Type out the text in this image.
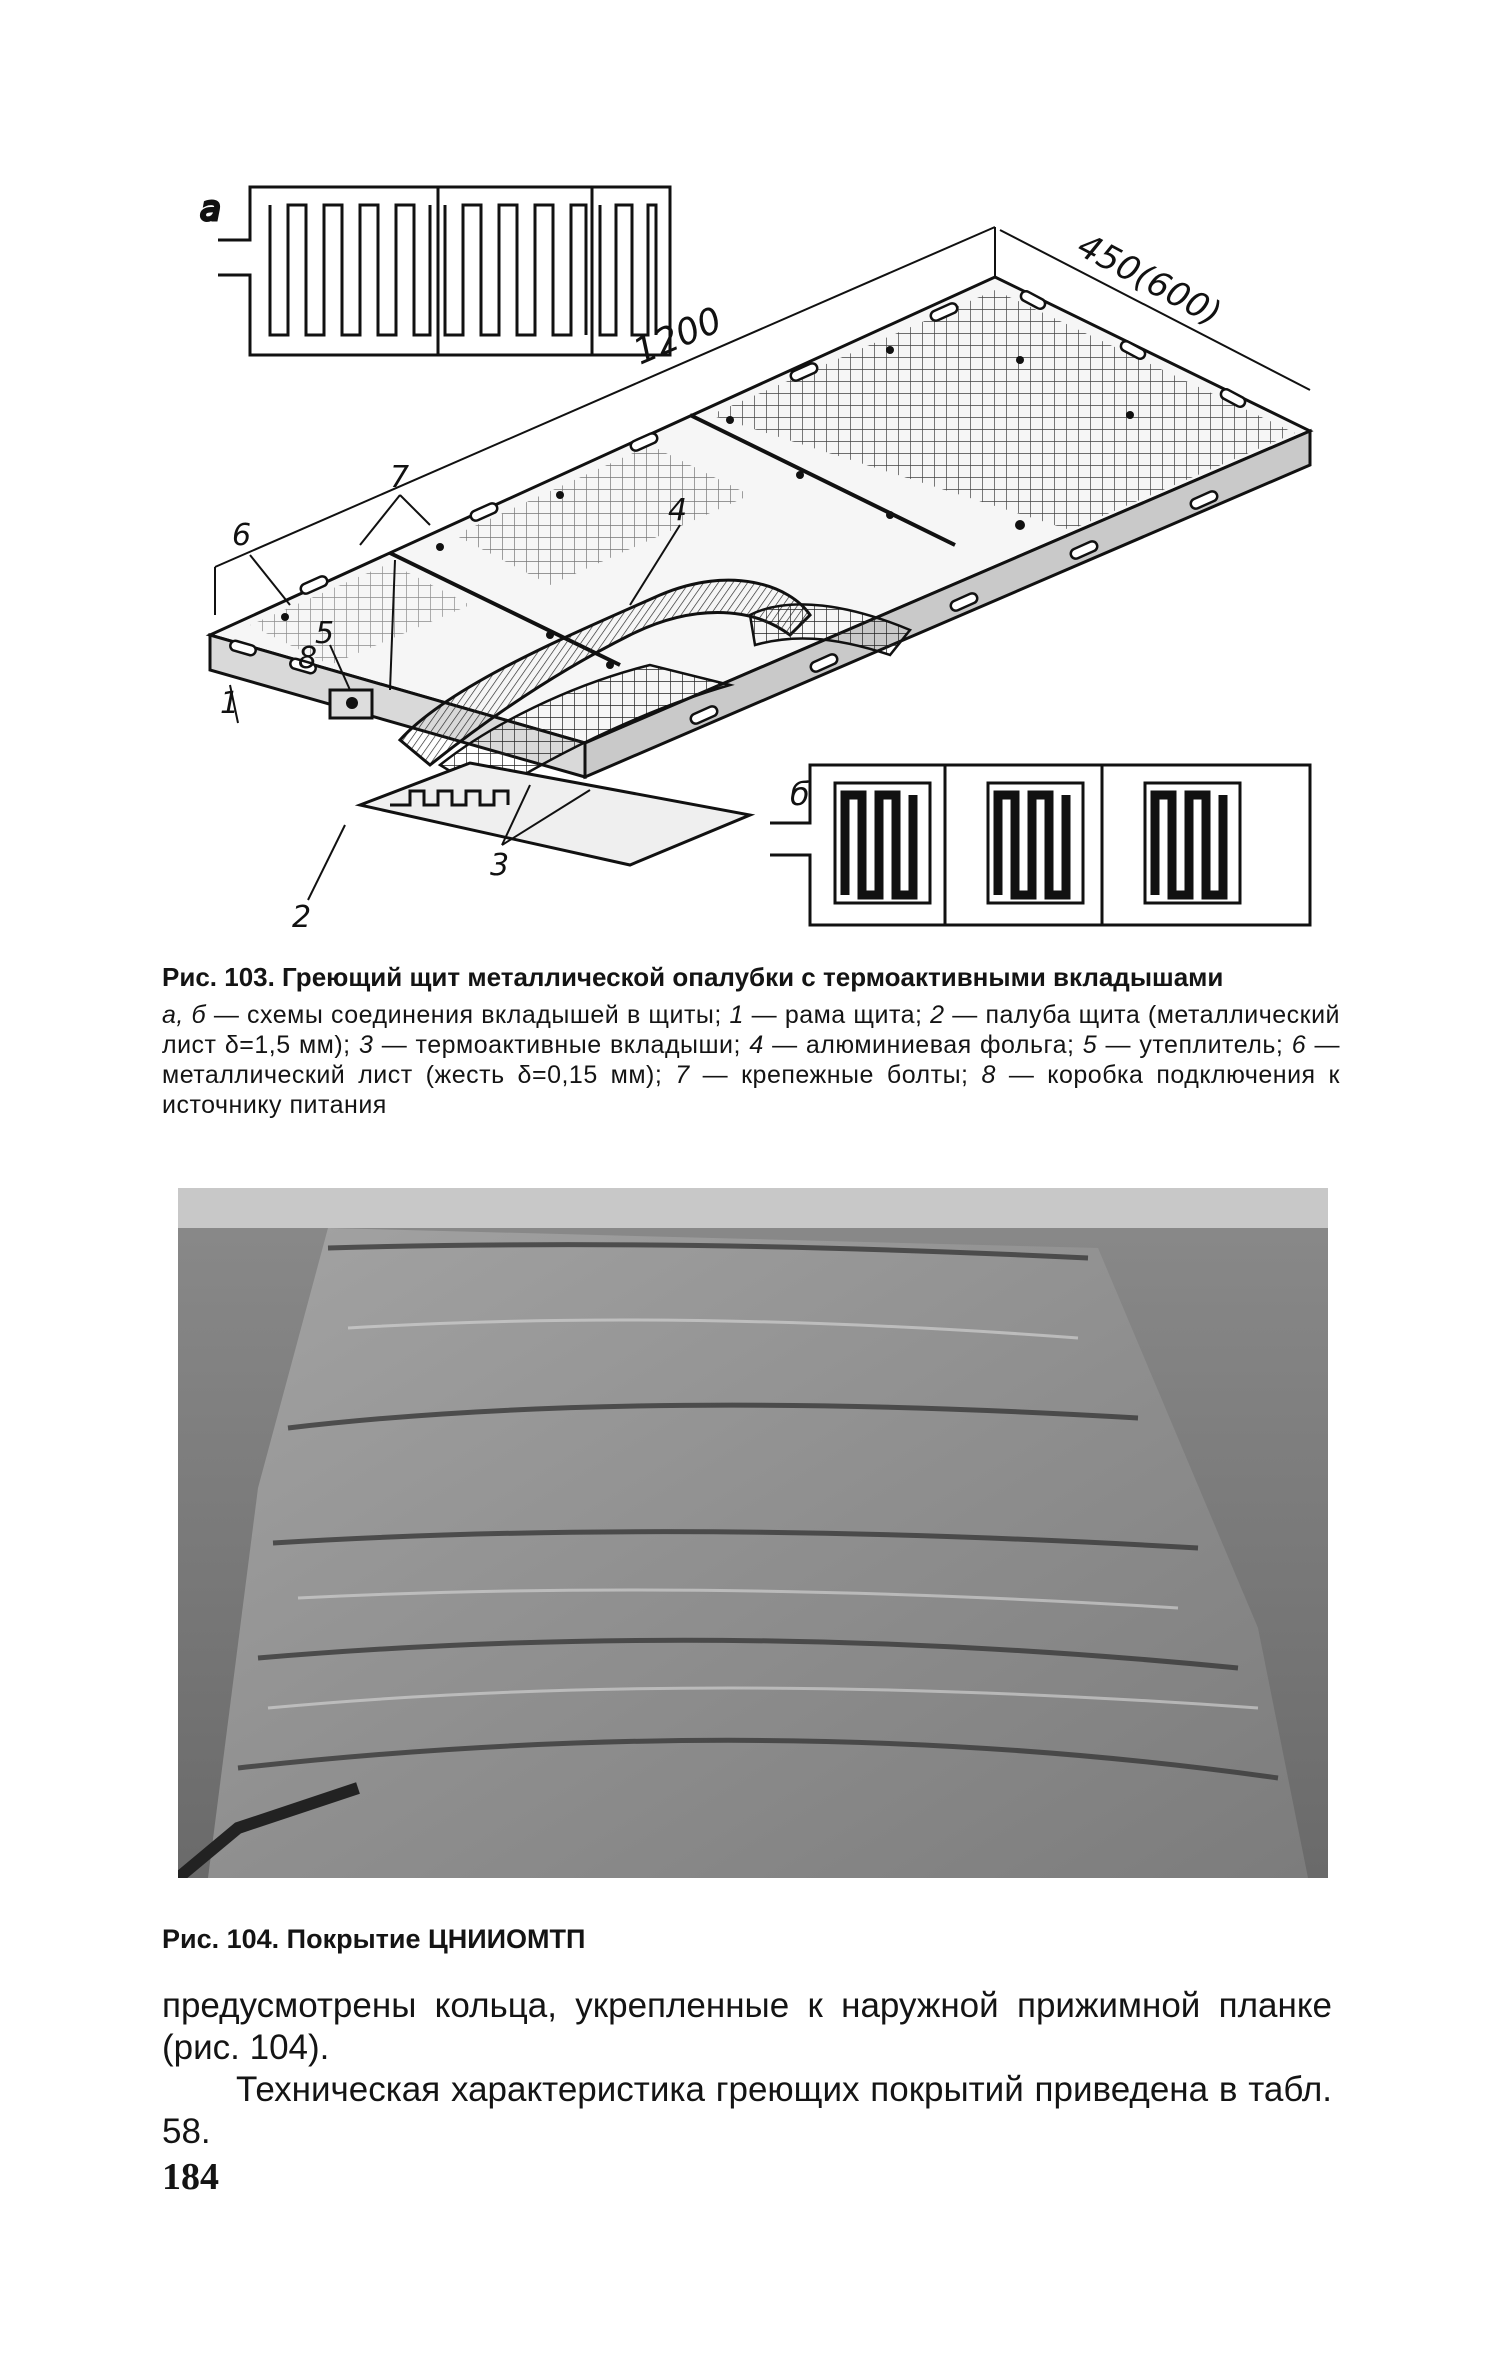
а
1200
450(600)
1
2
3
4
5
6
7
8
б
Рис. 103. Греющий щит металлической опалубки с термоактивными вкладышами
а, б — схемы соединения вкладышей в щиты; 1 — рама щита; 2 — палуба щита (металлический лист δ=1,5 мм); 3 — термоактивные вкладыши; 4 — алюминиевая фольга; 5 — утеплитель; 6 — металлический лист (жесть δ=0,15 мм); 7 — крепежные болты; 8 — коробка подключения к источнику питания
Рис. 104. Покрытие ЦНИИОМТП

предусмотрены кольца, укрепленные к наружной прижимной планке (рис. 104).

Техническая характеристика греющих покрытий приведена в табл. 58.

184
